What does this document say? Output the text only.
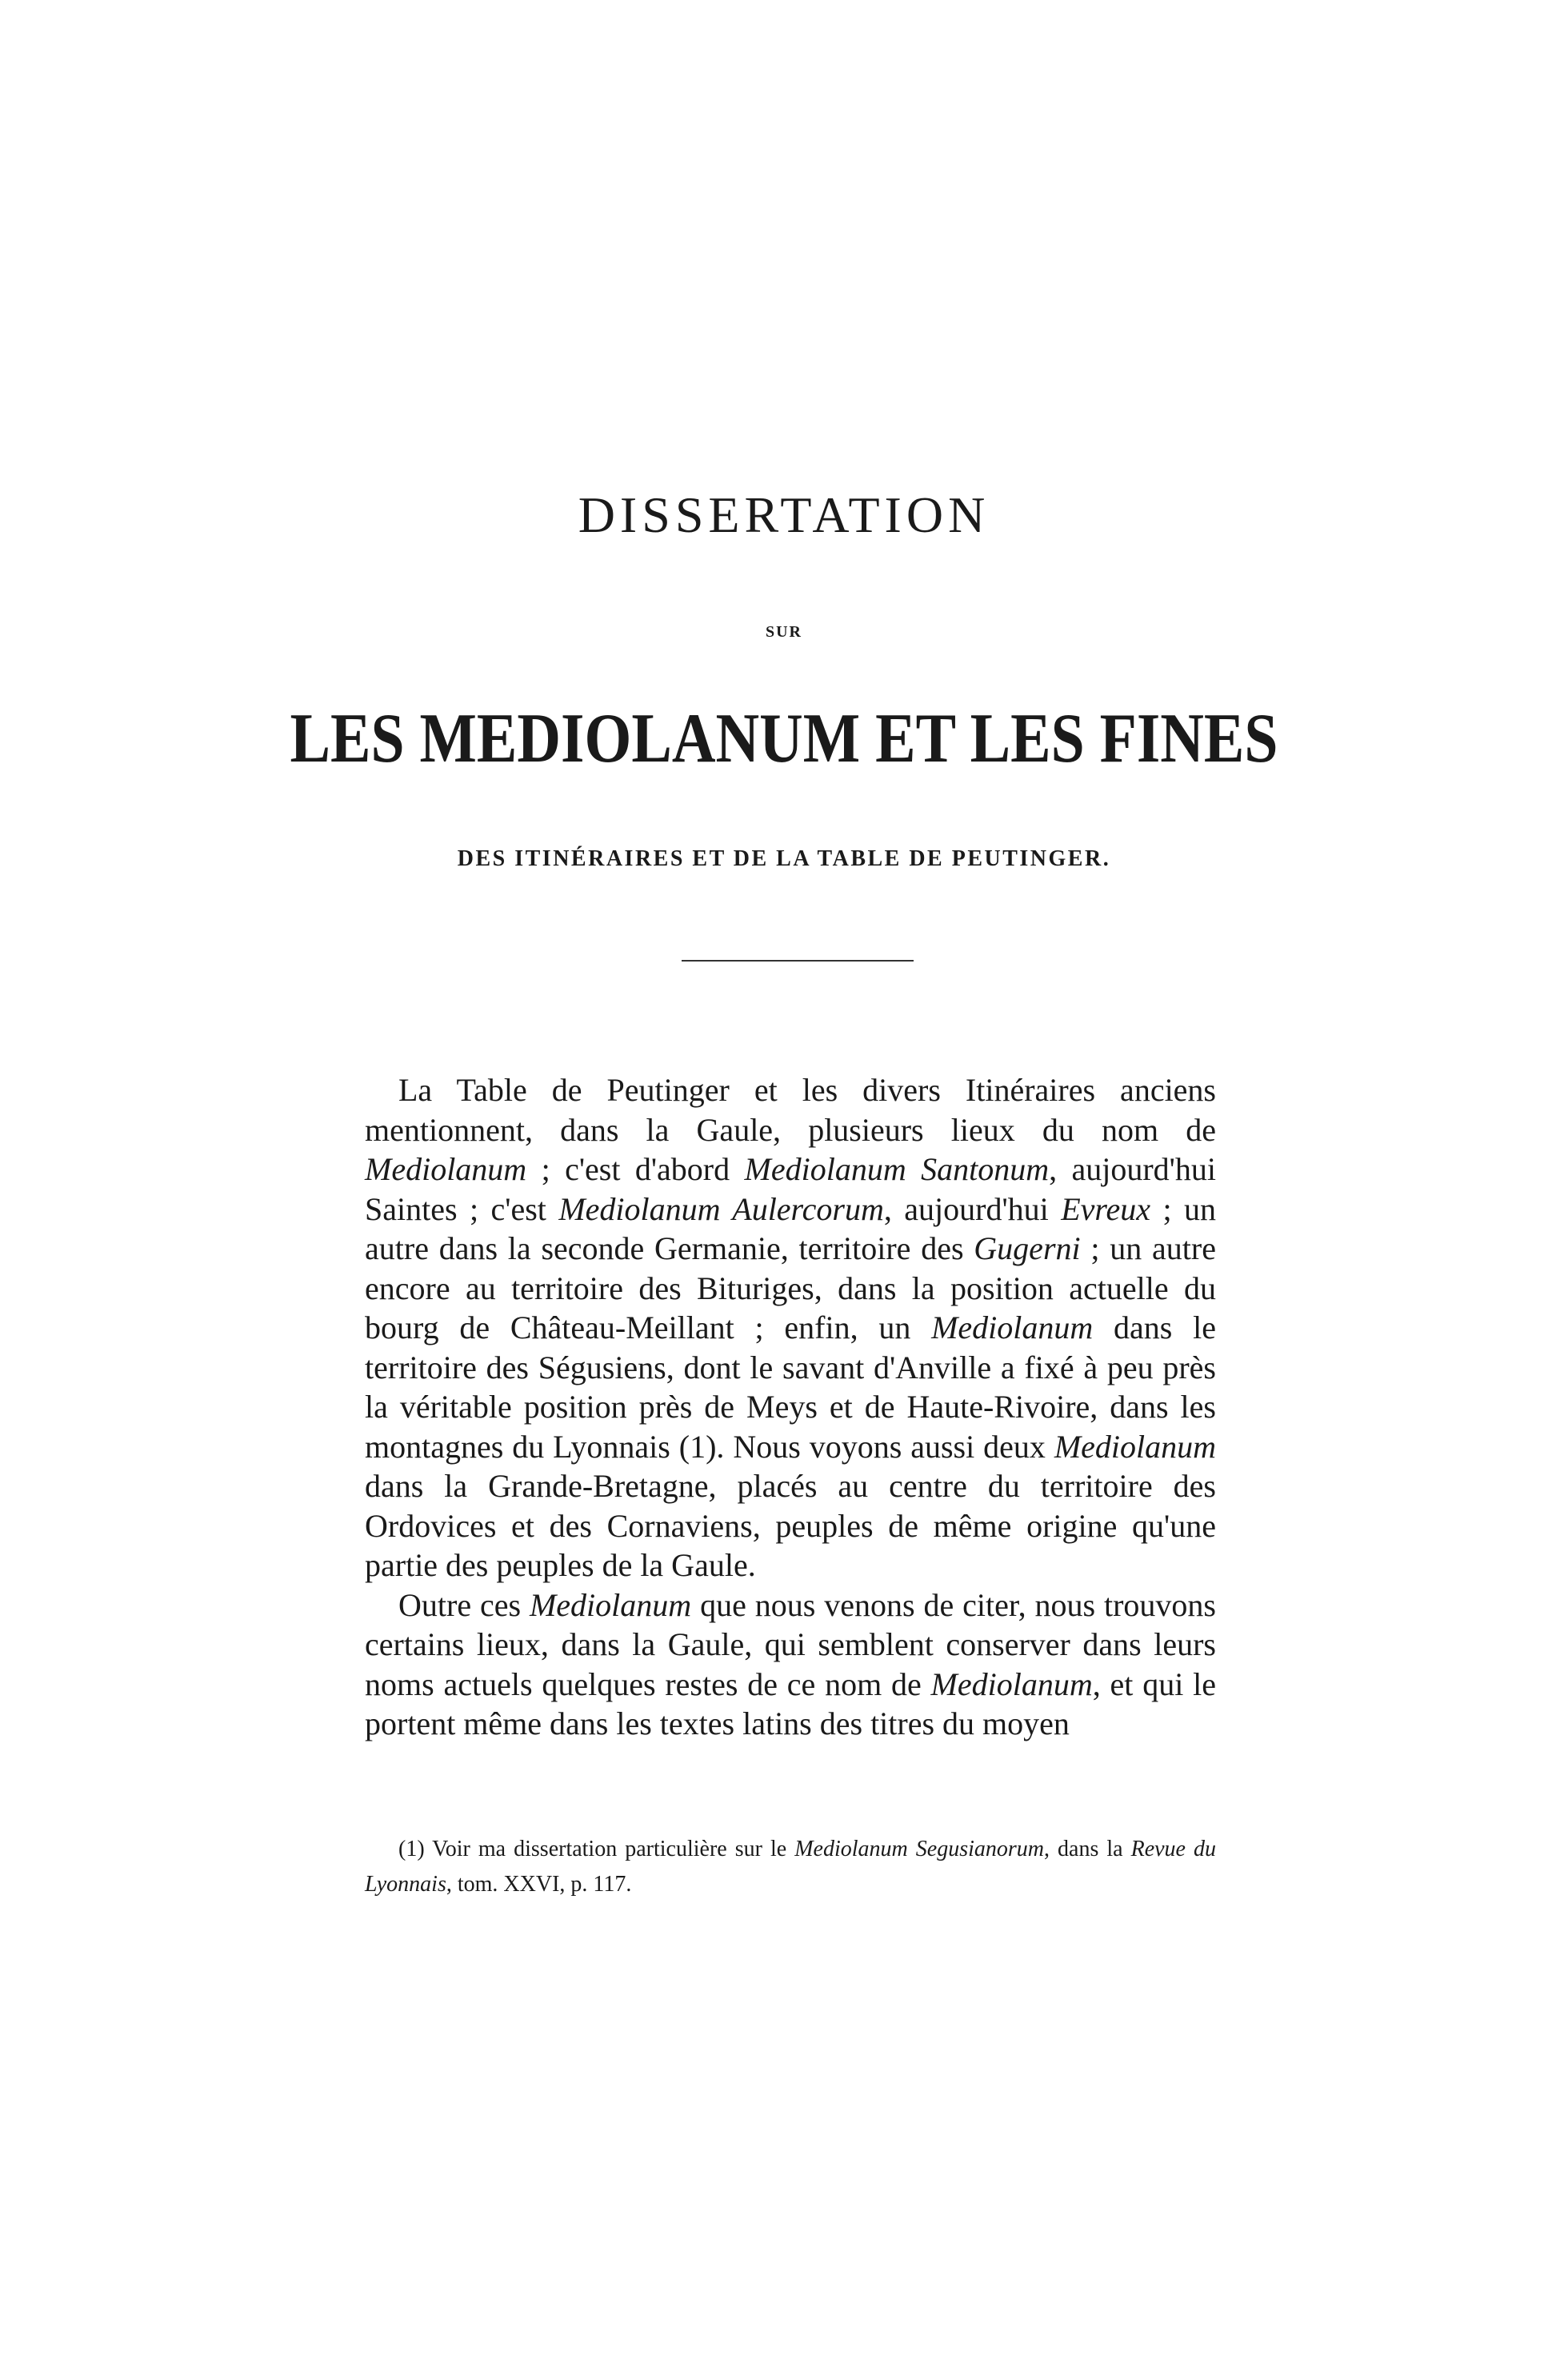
DISSERTATION
SUR
LES MEDIOLANUM ET LES FINES
DES ITINÉRAIRES ET DE LA TABLE DE PEUTINGER.

La Table de Peutinger et les divers Itinéraires anciens mentionnent, dans la Gaule, plusieurs lieux du nom de Mediolanum ; c'est d'abord Mediolanum Santonum, aujourd'hui Saintes ; c'est Mediolanum Aulercorum, aujourd'hui Evreux ; un autre dans la seconde Germanie, territoire des Gugerni ; un autre encore au territoire des Bituriges, dans la position actuelle du bourg de Château-Meillant ; enfin, un Mediolanum dans le territoire des Ségusiens, dont le savant d'Anville a fixé à peu près la véritable position près de Meys et de Haute-Rivoire, dans les montagnes du Lyonnais (1). Nous voyons aussi deux Mediolanum dans la Grande-Bretagne, placés au centre du territoire des Ordovices et des Cornaviens, peuples de même origine qu'une partie des peuples de la Gaule.

Outre ces Mediolanum que nous venons de citer, nous trouvons certains lieux, dans la Gaule, qui semblent conserver dans leurs noms actuels quelques restes de ce nom de Mediolanum, et qui le portent même dans les textes latins des titres du moyen

(1) Voir ma dissertation particulière sur le Mediolanum Segusianorum, dans la Revue du Lyonnais, tom. XXVI, p. 117.
